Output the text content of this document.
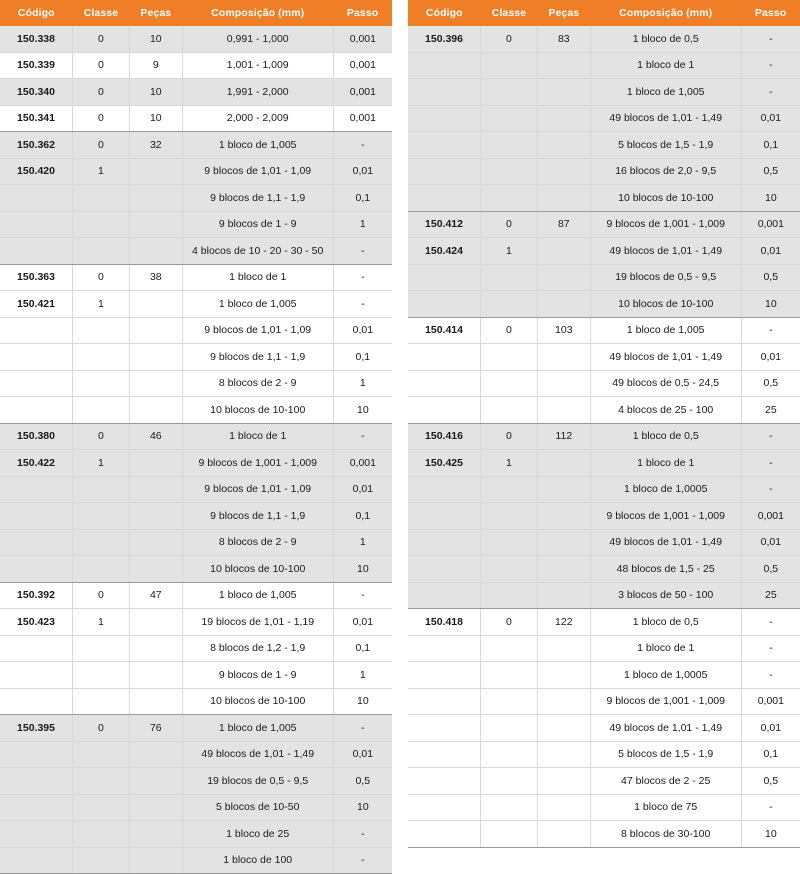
Código	Classe	Peças	Composição (mm)	Passo
150.338	0	10	0,991 - 1,000	0,001
150.339	0	9	1,001 - 1,009	0,001
150.340	0	10	1,991 - 2,000	0,001
150.341	0	10	2,000 - 2,009	0,001
150.362	0	32	1 bloco de 1,005	-
150.420	1		9 blocos de 1,01 - 1,09	0,01
			9 blocos de 1,1 - 1,9	0,1
			9 blocos de 1 - 9	1
			4 blocos de 10 - 20 - 30 - 50	-
150.363	0	38	1 bloco de 1	-
150.421	1		1 bloco de 1,005	-
			9 blocos de 1,01 - 1,09	0,01
			9 blocos de 1,1 - 1,9	0,1
			8 blocos de 2 - 9	1
			10 blocos de 10-100	10
150.380	0	46	1 bloco de 1	-
150.422	1		9 blocos de 1,001 - 1,009	0,001
			9 blocos de 1,01 - 1,09	0,01
			9 blocos de 1,1 - 1,9	0,1
			8 blocos de 2 - 9	1
			10 blocos de 10-100	10
150.392	0	47	1 bloco de 1,005	-
150.423	1		19 blocos de 1,01 - 1,19	0,01
			8 blocos de 1,2 - 1,9	0,1
			9 blocos de 1 - 9	1
			10 blocos de 10-100	10
150.395	0	76	1 bloco de 1,005	-
			49 blocos de 1,01 - 1,49	0,01
			19 blocos de 0,5 - 9,5	0,5
			5 blocos de 10-50	10
			1 bloco de 25	-
			1 bloco de 100	-
Código	Classe	Peças	Composição (mm)	Passo
150.396	0	83	1 bloco de 0,5	-
			1 bloco de 1	-
			1 bloco de 1,005	-
			49 blocos de 1,01 - 1,49	0,01
			5 blocos de 1,5 - 1,9	0,1
			16 blocos de 2,0 - 9,5	0,5
			10 blocos de 10-100	10
150.412	0	87	9 blocos de 1,001 - 1,009	0,001
150.424	1		49 blocos de 1,01 - 1,49	0,01
			19 blocos de 0,5 - 9,5	0,5
			10 blocos de 10-100	10
150.414	0	103	1 bloco de 1,005	-
			49 blocos de 1,01 - 1,49	0,01
			49 blocos de 0,5 - 24,5	0,5
			4 blocos de 25 - 100	25
150.416	0	112	1 bloco de 0,5	-
150.425	1		1 bloco de 1	-
			1 bloco de 1,0005	-
			9 blocos de 1,001 - 1,009	0,001
			49 blocos de 1,01 - 1,49	0,01
			48 blocos de 1,5 - 25	0,5
			3 blocos de 50 - 100	25
150.418	0	122	1 bloco de 0,5	-
			1 bloco de 1	-
			1 bloco de 1,0005	-
			9 blocos de 1,001 - 1,009	0,001
			49 blocos de 1,01 - 1,49	0,01
			5 blocos de 1,5 - 1,9	0,1
			47 blocos de 2 - 25	0,5
			1 bloco de 75	-
			8 blocos de 30-100	10
